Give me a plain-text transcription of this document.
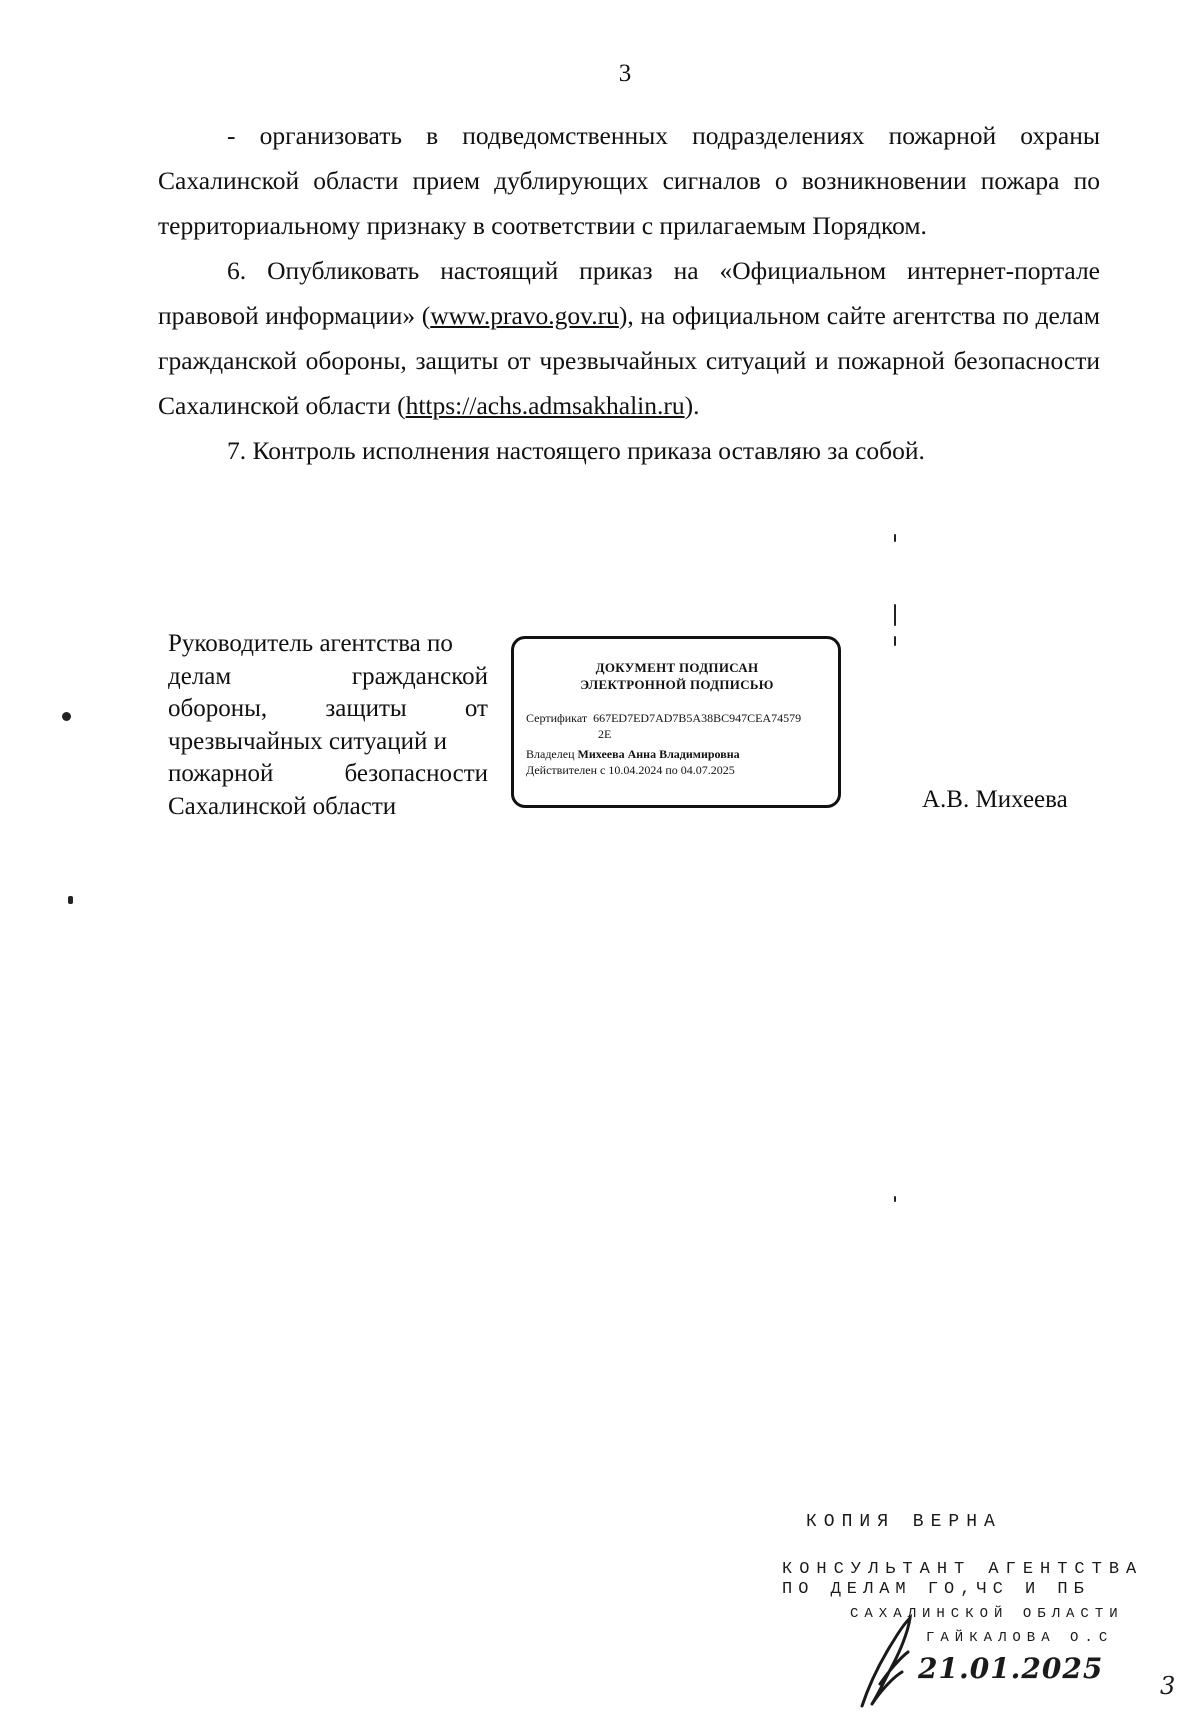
3

- организовать в подведомственных подразделениях пожарной охраны Сахалинской области прием дублирующих сигналов о возникновении пожара по территориальному признаку в соответствии с прилагаемым Порядком.

6. Опубликовать настоящий приказ на «Официальном интернет-портале правовой информации» (www.pravo.gov.ru), на официальном сайте агентства по делам гражданской обороны, защиты от чрезвычайных ситуаций и пожарной безопасности Сахалинской области (https://achs.admsakhalin.ru).

7. Контроль исполнения настоящего приказа оставляю за собой.

Руководитель агентства по
делам	гражданской
обороны, защиты от
чрезвычайных ситуаций и
пожарной	безопасности
Сахалинской области
ДОКУМЕНТ ПОДПИСАН
ЭЛЕКТРОННОЙ ПОДПИСЬЮ
Сертификат 667ED7ED7AD7B5A38BC947CEA74579
2E
Владелец Михеева Анна Владимировна
Действителен с 10.04.2024 по 04.07.2025
А.В. Михеева
КОПИЯ ВЕРНА
КОНСУЛЬТАНТ АГЕНТСТВА
ПО ДЕЛАМ ГО,ЧС И ПБ
САХАЛИНСКОЙ ОБЛАСТИ
ГАЙКАЛОВА О.С
21.01.2025
3
